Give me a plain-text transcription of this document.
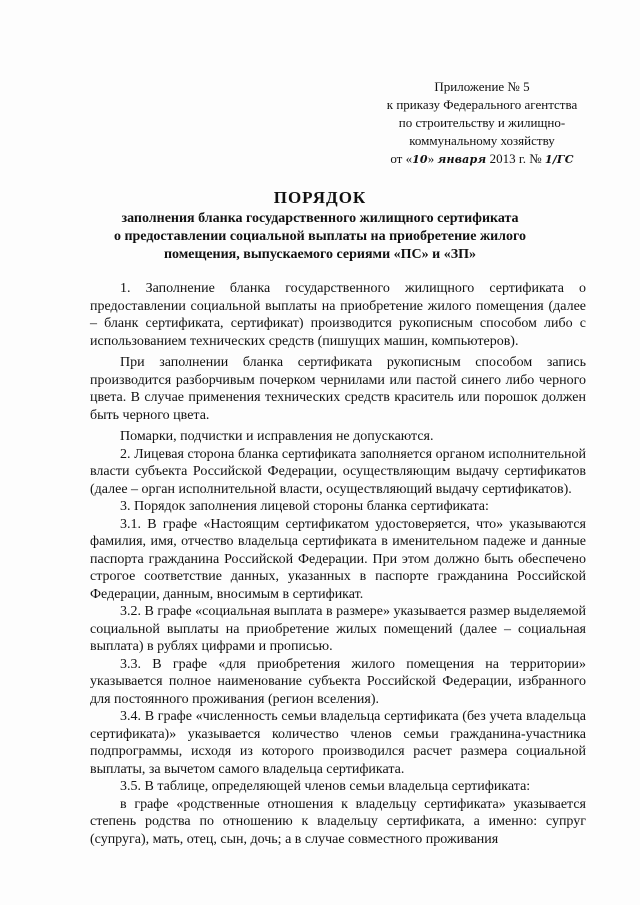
Приложение № 5
к приказу Федерального агентства
по строительству и жилищно-
коммунальному хозяйству
от «10» января 2013 г. № 1/ГС
ПОРЯДОК
заполнения бланка государственного жилищного сертификата
о предоставлении социальной выплаты на приобретение жилого
помещения, выпускаемого сериями «ПС» и «ЗП»

1. Заполнение бланка государственного жилищного сертификата о предоставлении социальной выплаты на приобретение жилого помещения (далее – бланк сертификата, сертификат) производится рукописным способом либо с использованием технических средств (пишущих машин, компьютеров).

При заполнении бланка сертификата рукописным способом запись производится разборчивым почерком чернилами или пастой синего либо черного цвета. В случае применения технических средств краситель или порошок должен быть черного цвета.

Помарки, подчистки и исправления не допускаются.

2. Лицевая сторона бланка сертификата заполняется органом исполнительной власти субъекта Российской Федерации, осуществляющим выдачу сертификатов (далее – орган исполнительной власти, осуществляющий выдачу сертификатов).

3. Порядок заполнения лицевой стороны бланка сертификата:

3.1. В графе «Настоящим сертификатом удостоверяется, что» указываются фамилия, имя, отчество владельца сертификата в именительном падеже и данные паспорта гражданина Российской Федерации. При этом должно быть обеспечено строгое соответствие данных, указанных в паспорте гражданина Российской Федерации, данным, вносимым в сертификат.

3.2. В графе «социальная выплата в размере» указывается размер выделяемой социальной выплаты на приобретение жилых помещений (далее – социальная выплата) в рублях цифрами и прописью.

3.3. В графе «для приобретения жилого помещения на территории» указывается полное наименование субъекта Российской Федерации, избранного для постоянного проживания (регион вселения).

3.4. В графе «численность семьи владельца сертификата (без учета владельца сертификата)» указывается количество членов семьи гражданина-участника подпрограммы, исходя из которого производился расчет размера социальной выплаты, за вычетом самого владельца сертификата.

3.5. В таблице, определяющей членов семьи владельца сертификата:

в графе «родственные отношения к владельцу сертификата» указывается степень родства по отношению к владельцу сертификата, а именно: супруг (супруга), мать, отец, сын, дочь; а в случае совместного проживания
